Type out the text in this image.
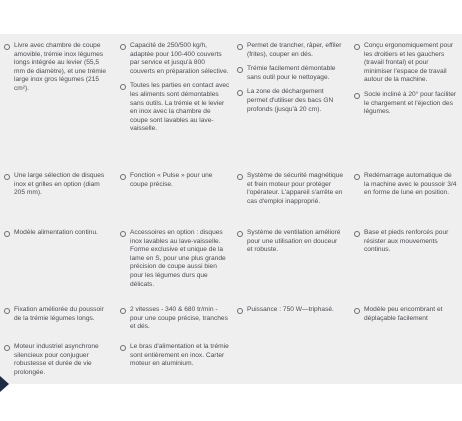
Livre avec chambre de coupe amovible, trémie inox légumes longs intégrée au levier (55,5 mm de diamètre), et une trémie large inox gros légumes (215 cm²).
Capacité de 250/500 kg/h, adaptée pour 100-400 couverts par service et jusqu'à 800 couverts en préparation sélective.
Toutes les parties en contact avec les aliments sont démontables sans outils. La trémie et le levier en inox avec la chambre de coupe sont lavables au lave-vaisselle.
Permet de trancher, râper, effiler (frites), couper en dés.
Trémie facilement démontable sans outil pour le nettoyage.
La zone de déchargement permet d'utiliser des bacs GN profonds (jusqu'à 20 cm).
Conçu ergonomiquement pour les droitiers et les gauchers (travail frontal) et pour minimiser l'espace de travail autour de la machine.
Socle incliné à 20° pour faciliter le chargement et l'éjection des légumes.
Une large sélection de disques inox et grilles en option (diam 205 mm).
Fonction « Pulse » pour une coupe précise.
Système de sécurité magnétique et frein moteur pour protéger l'opérateur. L'appareil s'arrête en cas d'emploi inapproprié.
Redémarrage automatique de la machine avec le poussoir 3/4 en forme de lune en position.
Modèle alimentation continu.	Accessoires en option : disques inox lavables au lave-vaisselle. Forme exclusive et unique de la lame en S, pour une plus grande précision de coupe aussi bien pour les légumes durs que délicats.
Système de ventilation amélioré pour une utilisation en douceur et robuste.
Base et pieds renforcés pour résister aux mouvements continus.
Fixation améliorée du poussoir de la trémie légumes longs.
2 vitesses - 340 & 680 tr/min - pour une coupe précise, tranches et dés.
Puissance : 750 W—triphasé.	Modèle peu encombrant et déplaçable facilement
Moteur industriel asynchrone silencieux pour conjuguer robustesse et durée de vie prolongée.
Le bras d'alimentation et la trémie sont entièrement en inox. Carter moteur en aluminium.
